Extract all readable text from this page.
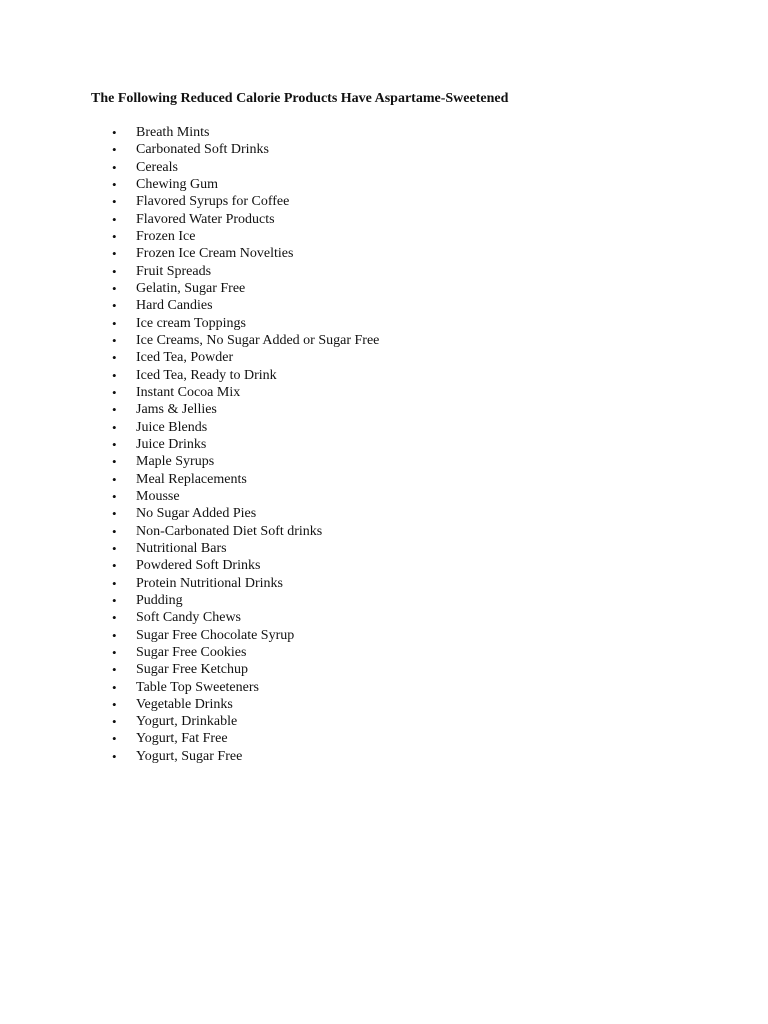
The Following Reduced Calorie Products Have Aspartame-Sweetened
• Breath Mints
• Carbonated Soft Drinks
• Cereals
• Chewing Gum
• Flavored Syrups for Coffee
• Flavored Water Products
• Frozen Ice
• Frozen Ice Cream Novelties
• Fruit Spreads
• Gelatin, Sugar Free
• Hard Candies
• Ice cream Toppings
• Ice Creams, No Sugar Added or Sugar Free
• Iced Tea, Powder
• Iced Tea, Ready to Drink
• Instant Cocoa Mix
• Jams & Jellies
• Juice Blends
• Juice Drinks
• Maple Syrups
• Meal Replacements
• Mousse
• No Sugar Added Pies
• Non-Carbonated Diet Soft drinks
• Nutritional Bars
• Powdered Soft Drinks
• Protein Nutritional Drinks
• Pudding
• Soft Candy Chews
• Sugar Free Chocolate Syrup
• Sugar Free Cookies
• Sugar Free Ketchup
• Table Top Sweeteners
• Vegetable Drinks
• Yogurt, Drinkable
• Yogurt, Fat Free
• Yogurt, Sugar Free
